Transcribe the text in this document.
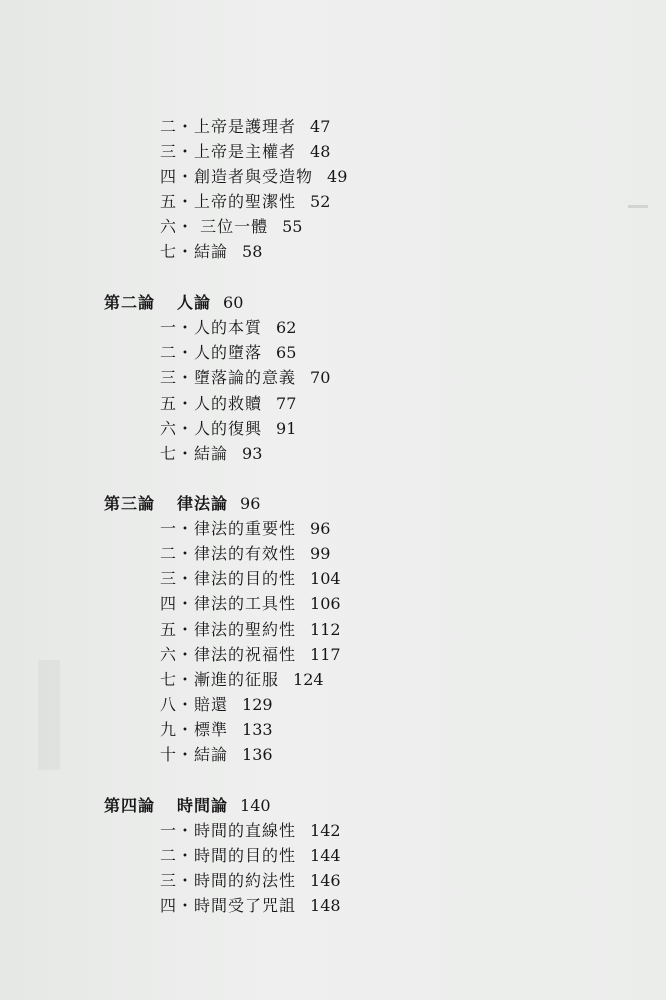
二・上帝是護理者 47
三・上帝是主權者 48
四・創造者與受造物 49
五・上帝的聖潔性 52
六・ 三位一體 55
七・結論 58
第二論 人論 60
一・人的本質 62
二・人的墮落 65
三・墮落論的意義 70
五・人的救贖 77
六・人的復興 91
七・結論 93
第三論 律法論 96
一・律法的重要性 96
二・律法的有效性 99
三・律法的目的性 104
四・律法的工具性 106
五・律法的聖約性 112
六・律法的祝福性 117
七・漸進的征服 124
八・賠還 129
九・標準 133
十・結論 136
第四論 時間論 140
一・時間的直線性 142
二・時間的目的性 144
三・時間的約法性 146
四・時間受了咒詛 148
